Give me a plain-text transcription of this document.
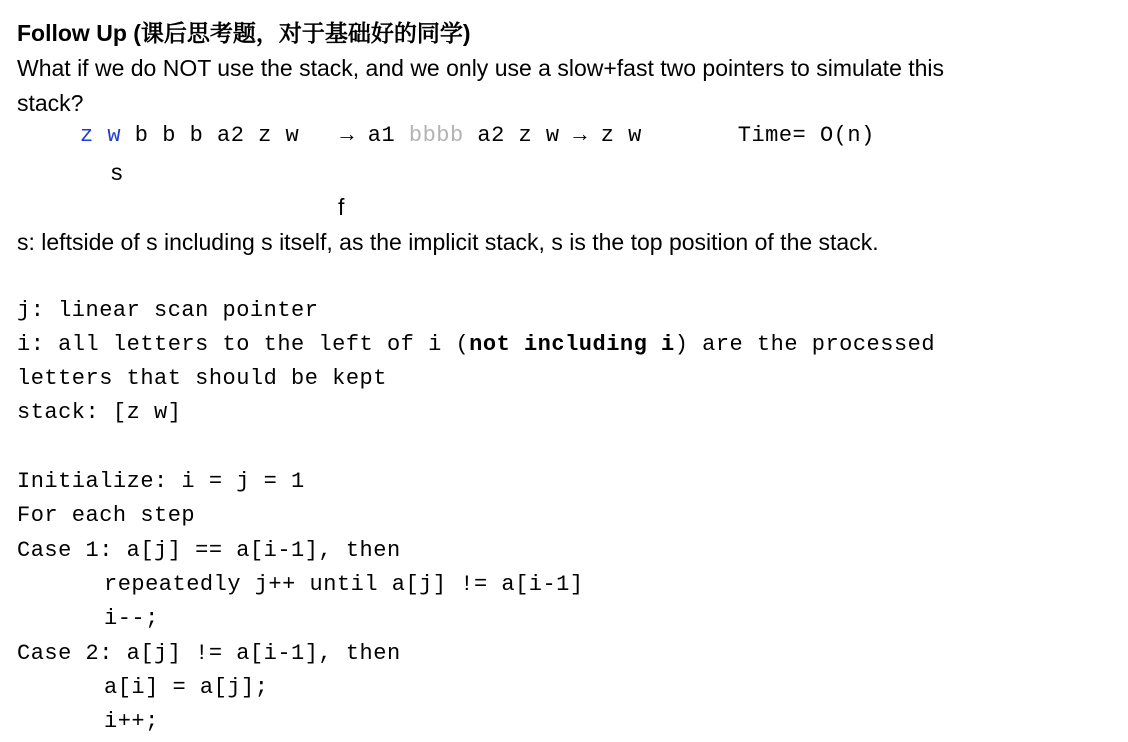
Follow Up (课后思考题，对于基础好的同学)
What if we do NOT use the stack, and we only use a slow+fast two pointers to simulate this
stack?
z w b b b a2 z w → a1 bbbb a2 z w → z w	Time= O(n)
s
f
s: leftside of s including s itself, as the implicit stack, s is the top position of the stack.
j: linear scan pointer
i: all letters to the left of i (not including i) are the processed
letters that should be kept
stack: [z w]
Initialize: i = j = 1
For each step
Case 1: a[j] == a[i-1], then
repeatedly j++ until a[j] != a[i-1]
i--;
Case 2: a[j] != a[i-1], then
a[i] = a[j];
i++;
